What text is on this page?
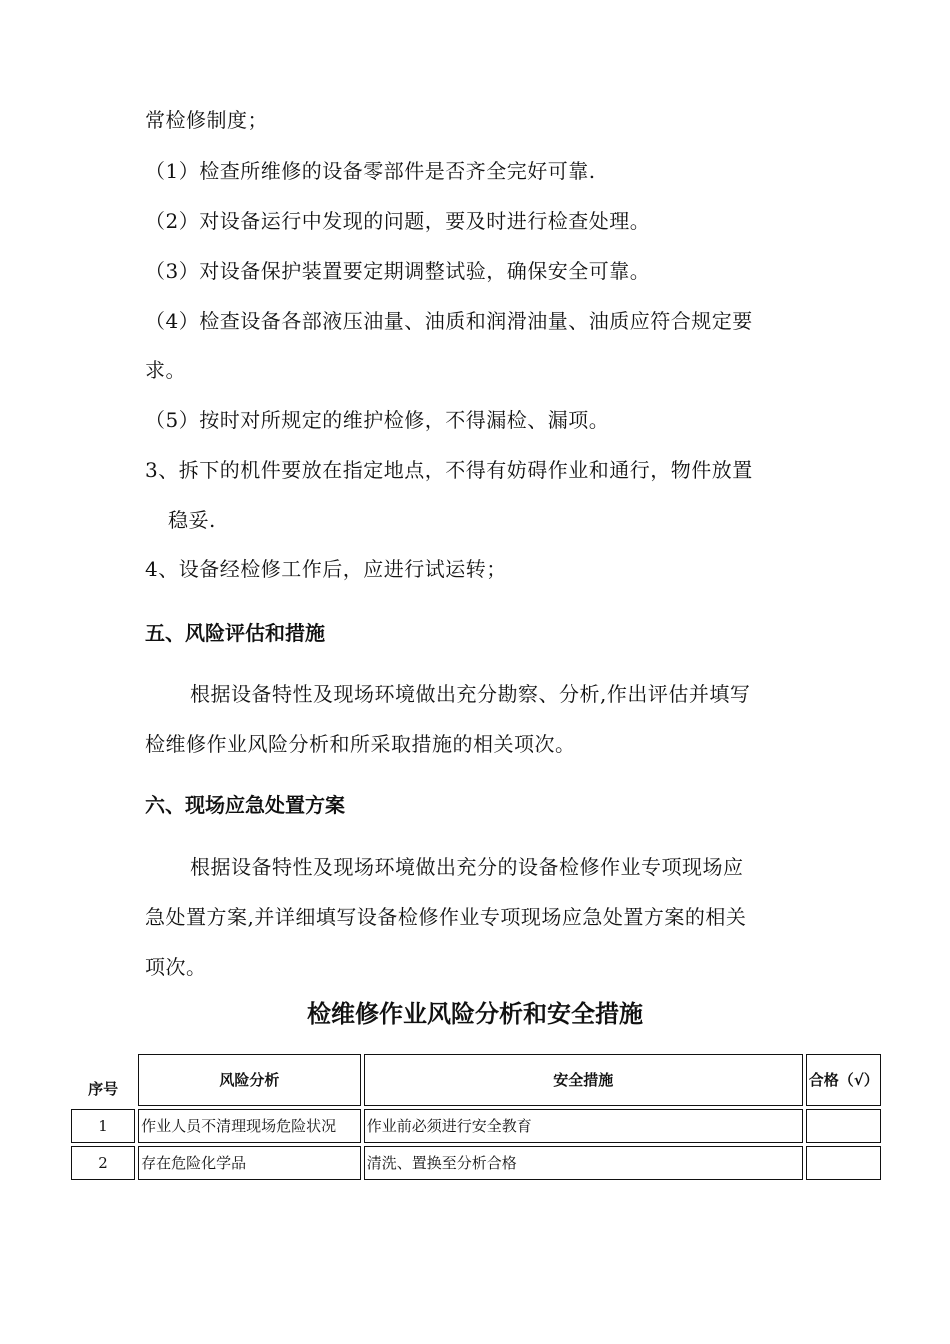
常检修制度；
（1）检查所维修的设备零部件是否齐全完好可靠.
（2）对设备运行中发现的问题，要及时进行检查处理。
（3）对设备保护装置要定期调整试验，确保安全可靠。
（4）检查设备各部液压油量、油质和润滑油量、油质应符合规定要
求。
（5）按时对所规定的维护检修，不得漏检、漏项。
3、拆下的机件要放在指定地点，不得有妨碍作业和通行，物件放置
稳妥.
4、设备经检修工作后，应进行试运转；
五、风险评估和措施
根据设备特性及现场环境做出充分勘察、分析,作出评估并填写
检维修作业风险分析和所采取措施的相关项次。
六、现场应急处置方案
根据设备特性及现场环境做出充分的设备检修作业专项现场应
急处置方案,并详细填写设备检修作业专项现场应急处置方案的相关
项次。
检维修作业风险分析和安全措施
序号	风险分析	安全措施	合格（√）
1	作业人员不清理现场危险状况	作业前必须进行安全教育	
2	存在危险化学品	清洗、置换至分析合格	
